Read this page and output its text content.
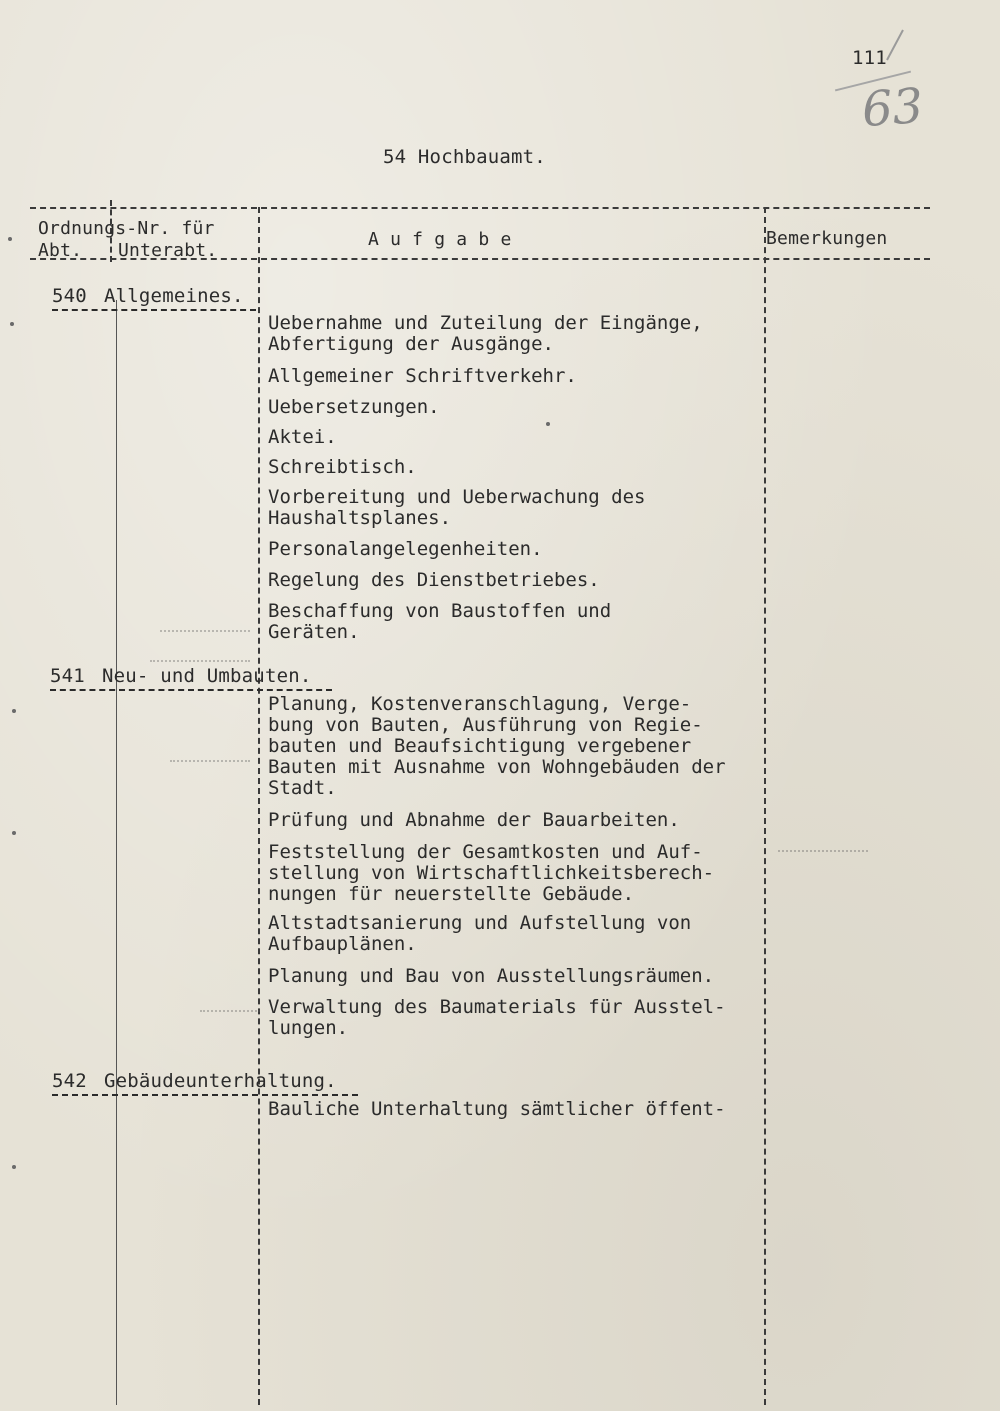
111
63
54 Hochbauamt.
Ordnungs-Nr. für
Abt. Unterabt.
A u f g a b e	Bemerkungen
540 Allgemeines.
Uebernahme und Zuteilung der Eingänge,
Abfertigung der Ausgänge.
Allgemeiner Schriftverkehr.
Uebersetzungen.
Aktei.
Schreibtisch.
Vorbereitung und Ueberwachung des
Haushaltsplanes.
Personalangelegenheiten.
Regelung des Dienstbetriebes.
Beschaffung von Baustoffen und
Geräten.
541 Neu- und Umbauten.
Planung, Kostenveranschlagung, Verge-
bung von Bauten, Ausführung von Regie-
bauten und Beaufsichtigung vergebener
Bauten mit Ausnahme von Wohngebäuden der
Stadt.
Prüfung und Abnahme der Bauarbeiten.
Feststellung der Gesamtkosten und Auf-
stellung von Wirtschaftlichkeitsberech-
nungen für neuerstellte Gebäude.
Altstadtsanierung und Aufstellung von
Aufbauplänen.
Planung und Bau von Ausstellungsräumen.
Verwaltung des Baumaterials für Ausstel-
lungen.
542 Gebäudeunterhaltung.
Bauliche Unterhaltung sämtlicher öffent-
